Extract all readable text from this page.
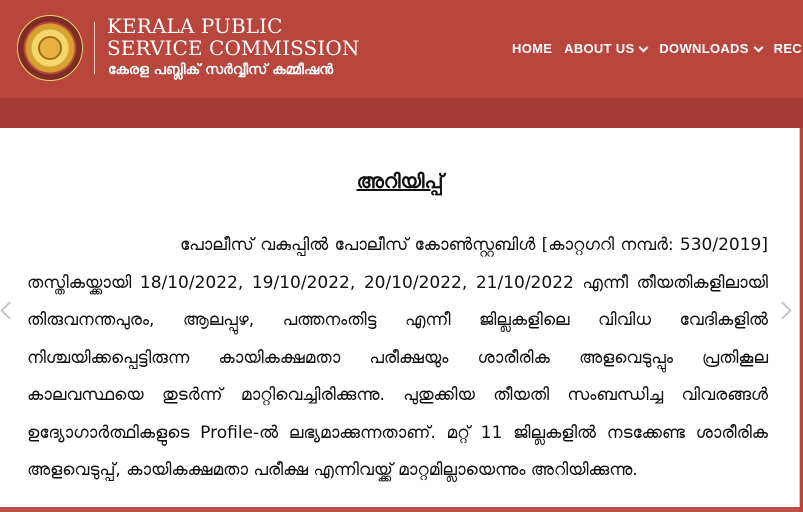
KERALA PUBLIC
SERVICE COMMISSION
കേരള പബ്ലിക് സർവ്വീസ് കമ്മീഷൻ
HOME ABOUT US DOWNLOADS REC
അറിയിപ്പ്
പോലീസ് വകുപ്പിൽ പോലീസ് കോൺസ്റ്റബിൾ [കാറ്റഗറി നമ്പർ: 530/2019] തസ്തികയ്ക്കായി 18/10/2022, 19/10/2022, 20/10/2022, 21/10/2022 എന്നീ തീയതികളിലായി തിരുവനന്തപുരം, ആലപ്പുഴ, പത്തനംതിട്ട എന്നീ ജില്ലകളിലെ വിവിധ വേദികളിൽ നിശ്ചയിക്കപ്പെട്ടിരുന്ന കായികക്ഷമതാ പരീക്ഷയും ശാരീരിക അളവെടുപ്പും പ്രതികൂല കാലവസ്ഥയെ തുടർന്ന് മാറ്റിവെച്ചിരിക്കുന്നു. പുതുക്കിയ തീയതി സംബന്ധിച്ച വിവരങ്ങൾ ഉദ്യോഗാർത്ഥികളുടെ Profile-ൽ ലഭ്യമാക്കുന്നതാണ്. മറ്റ് 11 ജില്ലകളിൽ നടക്കേണ്ട ശാരീരിക അളവെടുപ്പ്, കായികക്ഷമതാ പരീക്ഷ എന്നിവയ്ക്ക് മാറ്റമില്ലായെന്നും അറിയിക്കുന്നു.
